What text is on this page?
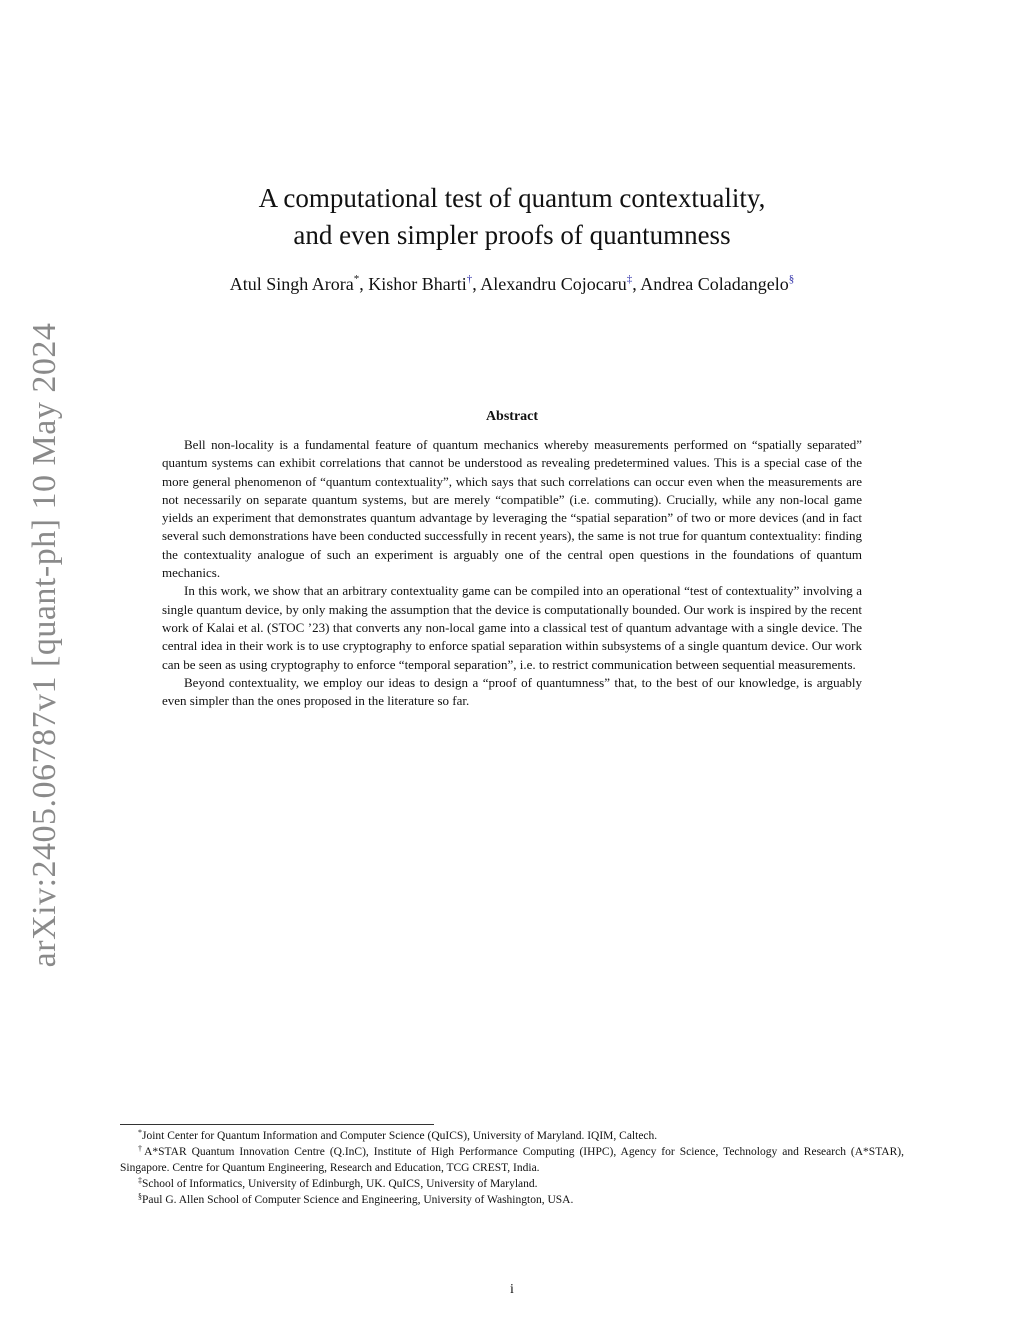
arXiv:2405.06787v1 [quant-ph] 10 May 2024
A computational test of quantum contextuality,
and even simpler proofs of quantumness
Atul Singh Arora*, Kishor Bharti†, Alexandru Cojocaru‡, Andrea Coladangelo§
Abstract

Bell non-locality is a fundamental feature of quantum mechanics whereby measurements performed on “spatially separated” quantum systems can exhibit correlations that cannot be understood as revealing predetermined values. This is a special case of the more general phenomenon of “quantum contextuality”, which says that such correlations can occur even when the measurements are not necessarily on separate quantum systems, but are merely “compatible” (i.e. commuting). Crucially, while any non-local game yields an experiment that demonstrates quantum advantage by leveraging the “spatial separation” of two or more devices (and in fact several such demonstrations have been conducted successfully in recent years), the same is not true for quantum contextuality: finding the contextuality analogue of such an experiment is arguably one of the central open questions in the foundations of quantum mechanics.

In this work, we show that an arbitrary contextuality game can be compiled into an operational “test of contextuality” involving a single quantum device, by only making the assumption that the device is computationally bounded. Our work is inspired by the recent work of Kalai et al. (STOC ’23) that converts any non-local game into a classical test of quantum advantage with a single device. The central idea in their work is to use cryptography to enforce spatial separation within subsystems of a single quantum device. Our work can be seen as using cryptography to enforce “temporal separation”, i.e. to restrict communication between sequential measurements.

Beyond contextuality, we employ our ideas to design a “proof of quantumness” that, to the best of our knowledge, is arguably even simpler than the ones proposed in the literature so far.

*Joint Center for Quantum Information and Computer Science (QuICS), University of Maryland. IQIM, Caltech.

†A*STAR Quantum Innovation Centre (Q.InC), Institute of High Performance Computing (IHPC), Agency for Science, Technology and Research (A*STAR), Singapore. Centre for Quantum Engineering, Research and Education, TCG CREST, India.

‡School of Informatics, University of Edinburgh, UK. QuICS, University of Maryland.

§Paul G. Allen School of Computer Science and Engineering, University of Washington, USA.

i
